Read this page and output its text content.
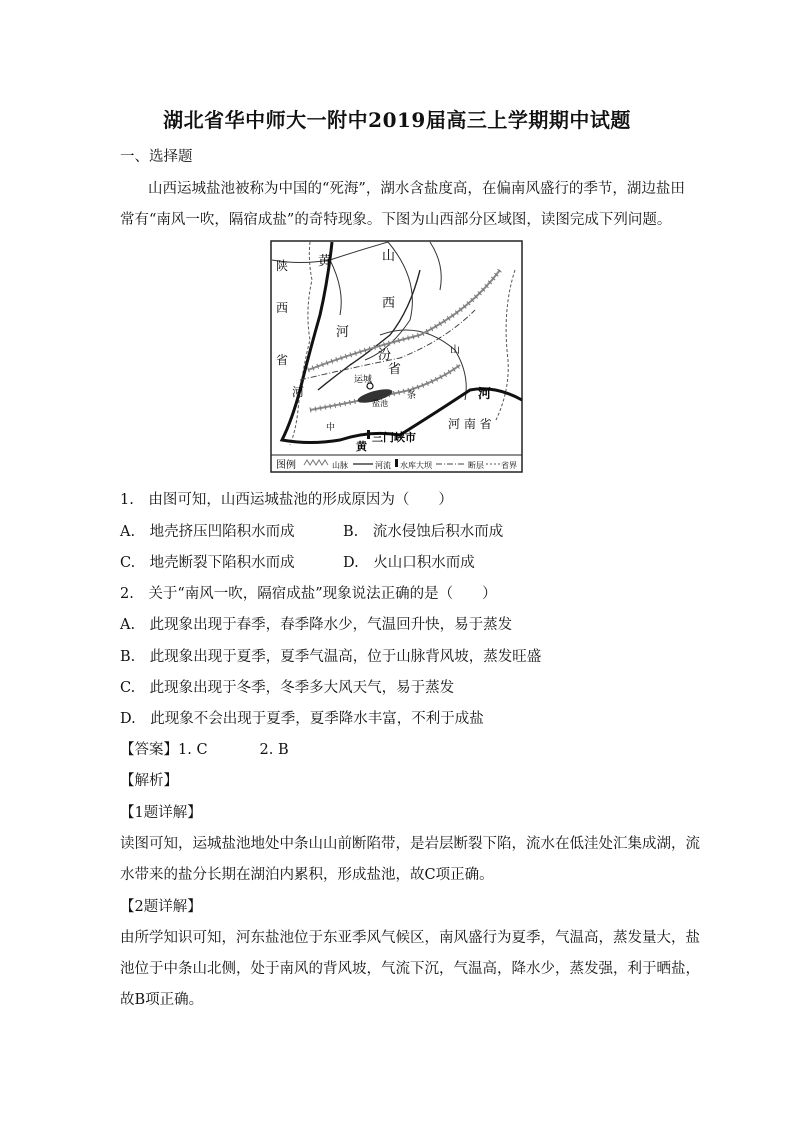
湖北省华中师大一附中2019届高三上学期期中试题
一、选择题
山西运城盐池被称为中国的“死海”，湖水含盐度高，在偏南风盛行的季节，湖边盐田
常有“南风一吹，隔宿成盐”的奇特现象。下图为山西部分区域图，读图完成下列问题。
陕
西
省
河
黄	山
西
汾
河
省
山
运城
盐池
条
中
河
河 南 省
三门峡市
黄
图例	山脉	河流 水库大坝	断层 省界
1.　由图可知，山西运城盐池的形成原因为（　　）
A.　地壳挤压凹陷积水而成	B.　流水侵蚀后积水而成
C.　地壳断裂下陷积水而成	D.　火山口积水而成
2.　关于“南风一吹，隔宿成盐”现象说法正确的是（　　）
A.　此现象出现于春季，春季降水少，气温回升快，易于蒸发
B.　此现象出现于夏季，夏季气温高，位于山脉背风坡，蒸发旺盛
C.　此现象出现于冬季，冬季多大风天气，易于蒸发
D.　此现象不会出现于夏季，夏季降水丰富，不利于成盐
【答案】1. C	2. B
【解析】
【1题详解】
读图可知，运城盐池地处中条山山前断陷带，是岩层断裂下陷，流水在低洼处汇集成湖，流
水带来的盐分长期在湖泊内累积，形成盐池，故C项正确。
【2题详解】
由所学知识可知，河东盐池位于东亚季风气候区，南风盛行为夏季，气温高，蒸发量大，盐
池位于中条山北侧，处于南风的背风坡，气流下沉，气温高，降水少，蒸发强，利于晒盐，
故B项正确。
